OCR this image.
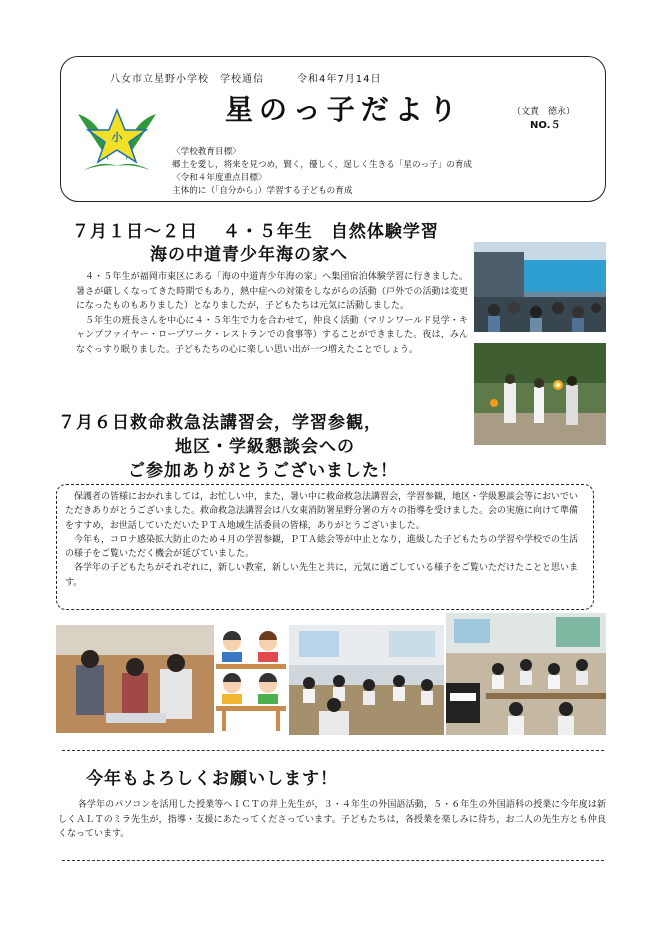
八女市立星野小学校　学校通信　　　令和4年7月14日
星のっ子だより	（文責　徳永）
NO.５
小
〈学校教育目標〉
郷土を愛し，将来を見つめ，賢く，優しく，逞しく生きる「星のっ子」の育成
〈令和４年度重点目標〉
主体的に（「自分から」）学習する子どもの育成
７月１日～２日　 ４・５年生　自然体験学習
海の中道青少年海の家へ

４・５年生が福岡市東区にある「海の中道青少年海の家」へ集団宿泊体験学習に行きました。暑さが厳しくなってきた時期でもあり，熱中症への対策をしながらの活動（戸外での活動は変更になったものもありました）となりましたが，子どもたちは元気に活動しました。

５年生の班長さんを中心に４・５年生で力を合わせて，仲良く活動（マリンワールド見学・キャンプファイヤー・ロープワーク・レストランでの食事等）することができました。夜は，みんなぐっすり眠りました。子どもたちの心に楽しい思い出が一つ増えたことでしょう。

７月６日救命救急法講習会，学習参観，
地区・学級懇談会への
ご参加ありがとうございました！

保護者の皆様におかれましては，お忙しい中，また，暑い中に救命救急法講習会，学習参観，地区・学級懇談会等においでいただきありがとうございました。救命救急法講習会は八女東消防署星野分署の方々の指導を受けました。会の実施に向けて準備をすすめ，お世話していただいたＰＴＡ地域生活委員の皆様，ありがとうございました。

今年も，コロナ感染拡大防止のため４月の学習参観，ＰＴＡ総会等が中止となり，進級した子どもたちの学習や学校での生活の様子をご覧いただく機会が延びていました。

各学年の子どもたちがそれぞれに，新しい教室，新しい先生と共に，元気に過ごしている様子をご覧いただけたことと思います。

今年もよろしくお願いします！
各学年のパソコンを活用した授業等へＩＣＴの井上先生が，３・４年生の外国語活動，５・６年生の外国語科の授業に今年度は新しくＡＬＴのミラ先生が，指導・支援にあたってくださっています。子どもたちは，各授業を楽しみに待ち，お二人の先生方とも仲良くなっています。
